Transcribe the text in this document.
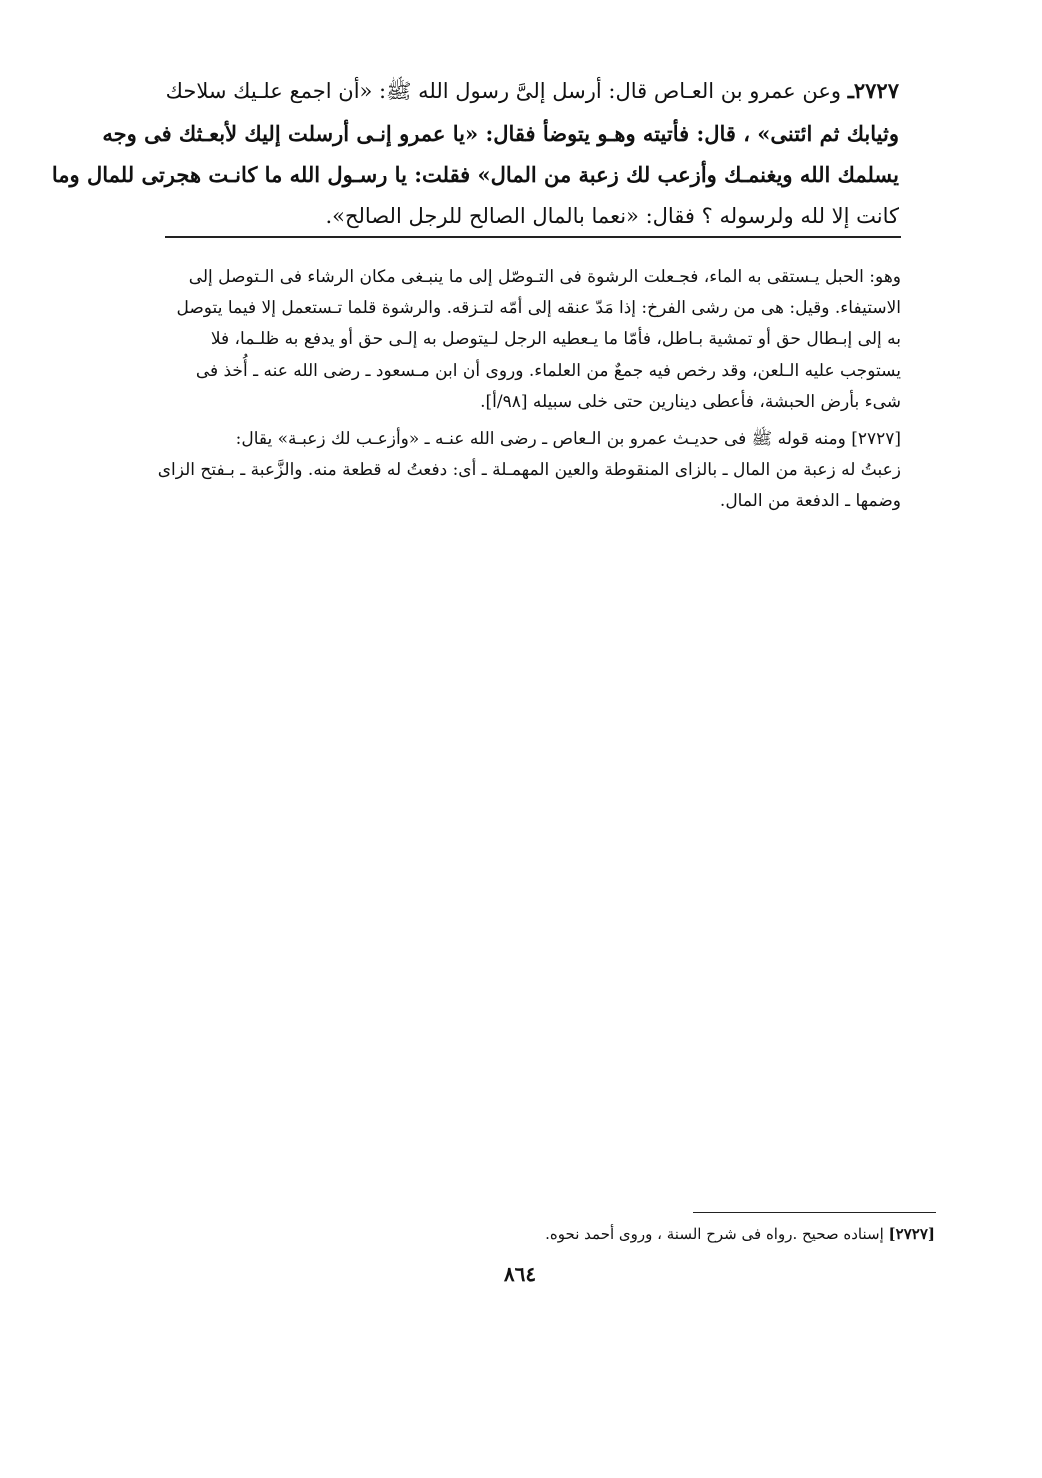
٢٧٢٧ـ وعن عمرو بن العـاص قال: أرسل إلىَّ رسول الله ﷺ: «أن اجمع علـيك سلاحك
وثيابك ثم ائتنى» ، قال: فأتيته وهـو يتوضأ فقال: «يا عمرو إنـى أرسلت إليك لأبعـثك فى وجه
يسلمك الله ويغنمـك وأزعب لك زعبة من المال» فقلت: يا رسـول الله ما كانـت هجرتى للمال وما
كانت إلا لله ولرسوله ؟ فقال: «نعما بالمال الصالح للرجل الصالح».

وهو: الحبل يـستقى به الماء، فجـعلت الرشوة فى التـوصّل إلى ما ينبـغى مكان الرشاء فى الـتوصل إلى
الاستيفاء. وقيل: هى من رشى الفرخ: إذا مَدّ عنقه إلى أمّه لتـزقه. والرشوة قلما تـستعمل إلا فيما يتوصل
به إلى إبـطال حق أو تمشية بـاطل، فأمّا ما يـعطيه الرجل لـيتوصل به إلـى حق أو يدفع به ظلـما، فلا
يستوجب عليه الـلعن، وقد رخص فيه جمعٌ من العلماء. وروى أن ابن مـسعود ـ رضى الله عنه ـ أُخذ فى
شىء بأرض الحبشة، فأعطى دينارين حتى خلى سبيله [٩٨/أ].

[٢٧٢٧] ومنه قوله ﷺ فى حديـث عمرو بن الـعاص ـ رضى الله عنـه ـ «وأزعـب لك زعبـة» يقال:
زعبتُ له زعبة من المال ـ بالزاى المنقوطة والعين المهمـلة ـ أى: دفعتُ له قطعة منه. والزَّعبة ـ بـفتح الزاى
وضمها ـ الدفعة من المال.

[٢٧٢٧] إسناده صحيح .رواه فى شرح السنة ، وروى أحمد نحوه.
٨٦٤
